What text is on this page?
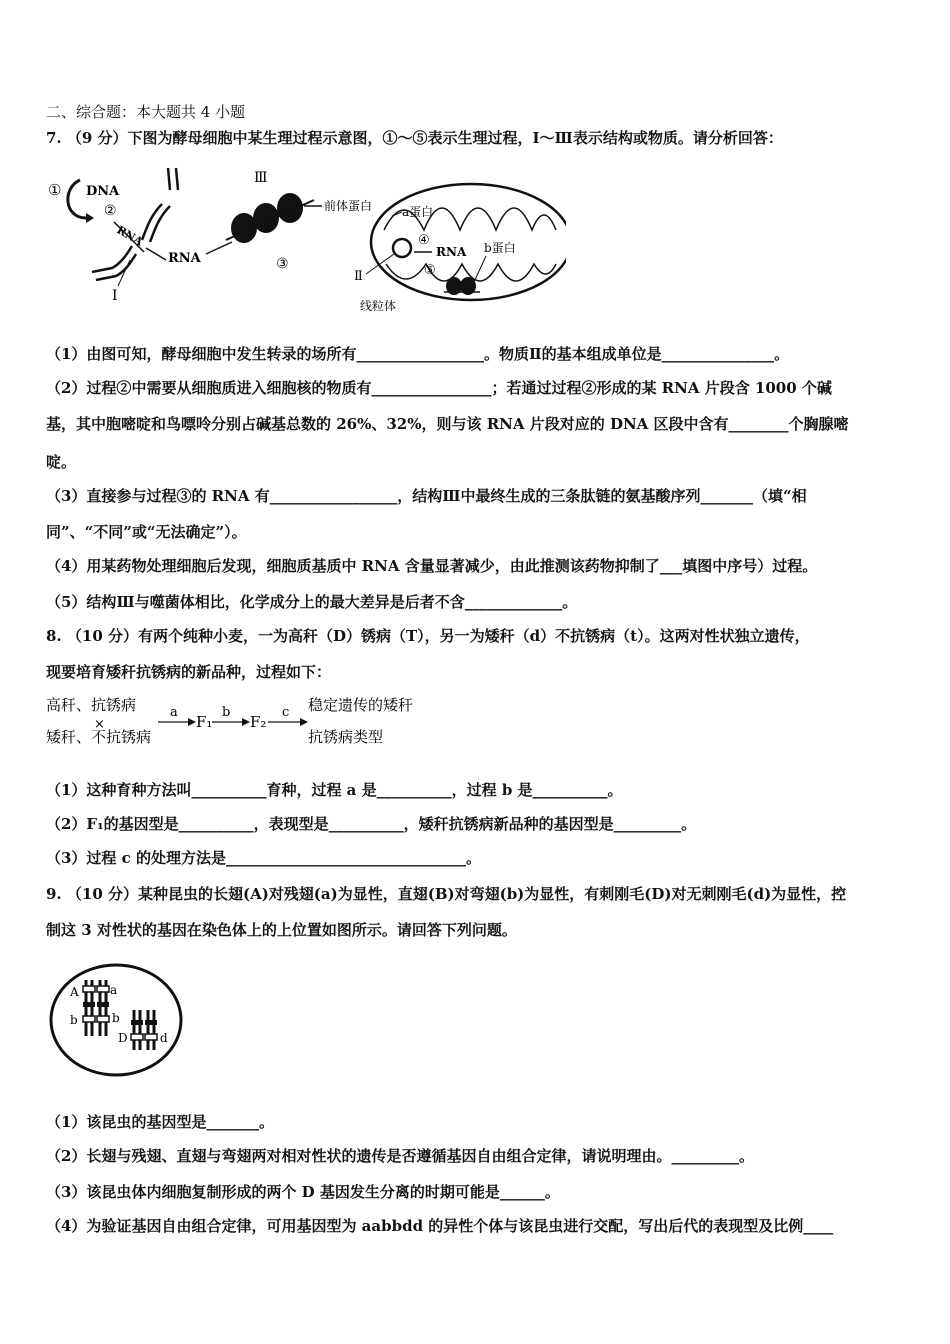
二、综合题：本大题共 4 小题
7. （9 分）下图为酵母细胞中某生理过程示意图，①～⑤表示生理过程，Ⅰ～Ⅲ表示结构或物质。请分析回答：
① DNA
②
RNA
RNA
Ⅰ
Ⅲ
前体蛋白
③
a蛋白
④
RNA b蛋白
⑤
Ⅱ
线粒体
（1）由图可知，酵母细胞中发生转录的场所有_________________。物质Ⅱ的基本组成单位是_______________。
（2）过程②中需要从细胞质进入细胞核的物质有________________；若通过过程②形成的某 RNA 片段含 1000 个碱
基，其中胞嘧啶和鸟嘌呤分别占碱基总数的 26%、32%，则与该 RNA 片段对应的 DNA 区段中含有________个胸腺嘧
啶。
（3）直接参与过程③的 RNA 有_________________，结构Ⅲ中最终生成的三条肽链的氨基酸序列_______（填“相
同”、“不同”或“无法确定”）。
（4）用某药物处理细胞后发现，细胞质基质中 RNA 含量显著减少，由此推测该药物抑制了___填图中序号）过程。
（5）结构Ⅲ与噬菌体相比，化学成分上的最大差异是后者不含_____________。
8. （10 分）有两个纯种小麦，一为高秆（D）锈病（T），另一为矮秆（d）不抗锈病（t）。这两对性状独立遗传，
现要培育矮秆抗锈病的新品种，过程如下：
高秆、抗锈病
×
矮秆、不抗锈病
a
F₁
b
F₂
c 稳定遗传的矮秆
抗锈病类型
（1）这种育种方法叫__________育种，过程 a 是__________，过程 b 是__________。
（2）F₁的基因型是__________，表现型是__________，矮秆抗锈病新品种的基因型是_________。
（3）过程 c 的处理方法是________________________________。
9. （10 分）某种昆虫的长翅(A)对残翅(a)为显性，直翅(B)对弯翅(b)为显性，有刺刚毛(D)对无刺刚毛(d)为显性，控
制这 3 对性状的基因在染色体上的上位置如图所示。请回答下列问题。
A	a
b	b
D	d
（1）该昆虫的基因型是_______。
（2）长翅与残翅、直翅与弯翅两对相对性状的遗传是否遵循基因自由组合定律，请说明理由。_________。
（3）该昆虫体内细胞复制形成的两个 D 基因发生分离的时期可能是______。
（4）为验证基因自由组合定律，可用基因型为 aabbdd 的异性个体与该昆虫进行交配，写出后代的表现型及比例____
